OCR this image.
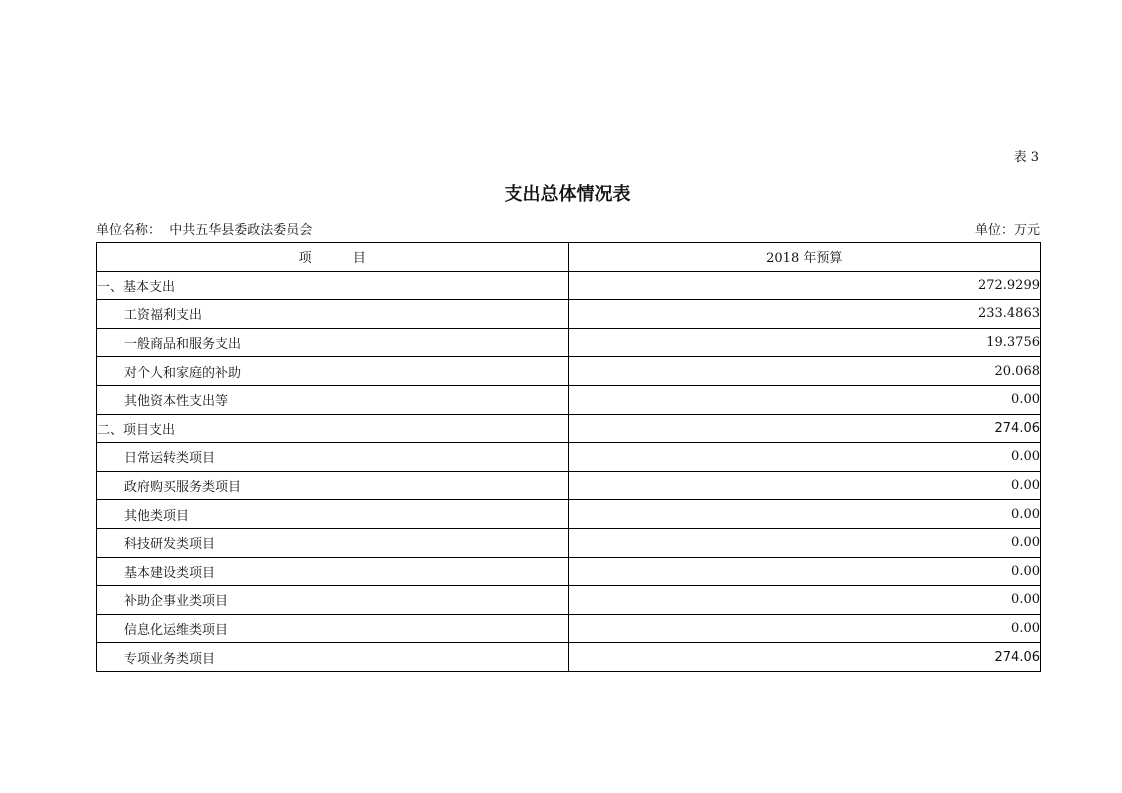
表 3
支出总体情况表
单位名称：  中共五华县委政法委员会	单位：万元
项          目	2018 年预算
一、基本支出	272.9299
工资福利支出	233.4863
一般商品和服务支出	19.3756
对个人和家庭的补助	20.068
其他资本性支出等	0.00
二、项目支出	274.06
日常运转类项目	0.00
政府购买服务类项目	0.00
其他类项目	0.00
科技研发类项目	0.00
基本建设类项目	0.00
补助企事业类项目	0.00
信息化运维类项目	0.00
专项业务类项目	274.06
